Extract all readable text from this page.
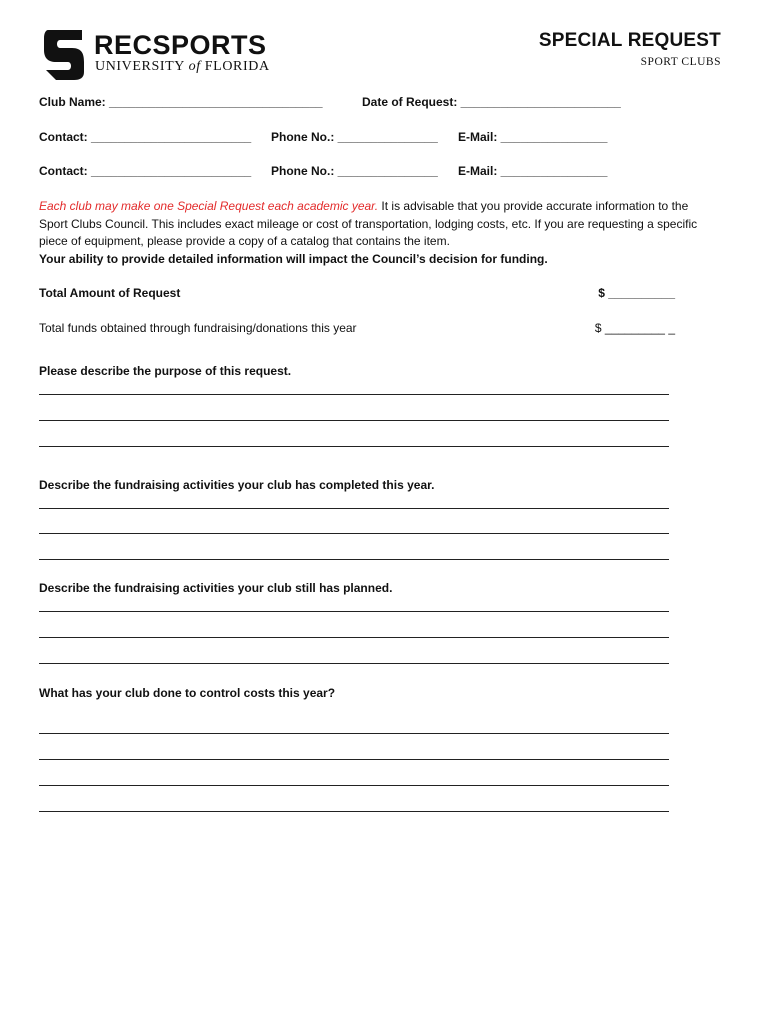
RECSPORTS
UNIVERSITY of FLORIDA
SPECIAL REQUEST
SPORT CLUBS
Club Name: ________________________________	Date of Request: ________________________
Contact: ________________________ Phone No.: _______________ E-Mail: ________________
Contact: ________________________ Phone No.: _______________ E-Mail: ________________
Each club may make one Special Request each academic year. It is advisable that you provide accurate information to the Sport Clubs Council. This includes exact mileage or cost of transportation, lodging costs, etc. If you are requesting a specific piece of equipment, please provide a copy of a catalog that contains the item.
Your ability to provide detailed information will impact the Council’s decision for funding.
Total Amount of Request	$ __________
Total funds obtained through fundraising/donations this year	$ _________ _
Please describe the purpose of this request.
Describe the fundraising activities your club has completed this year.
Describe the fundraising activities your club still has planned.
What has your club done to control costs this year?
